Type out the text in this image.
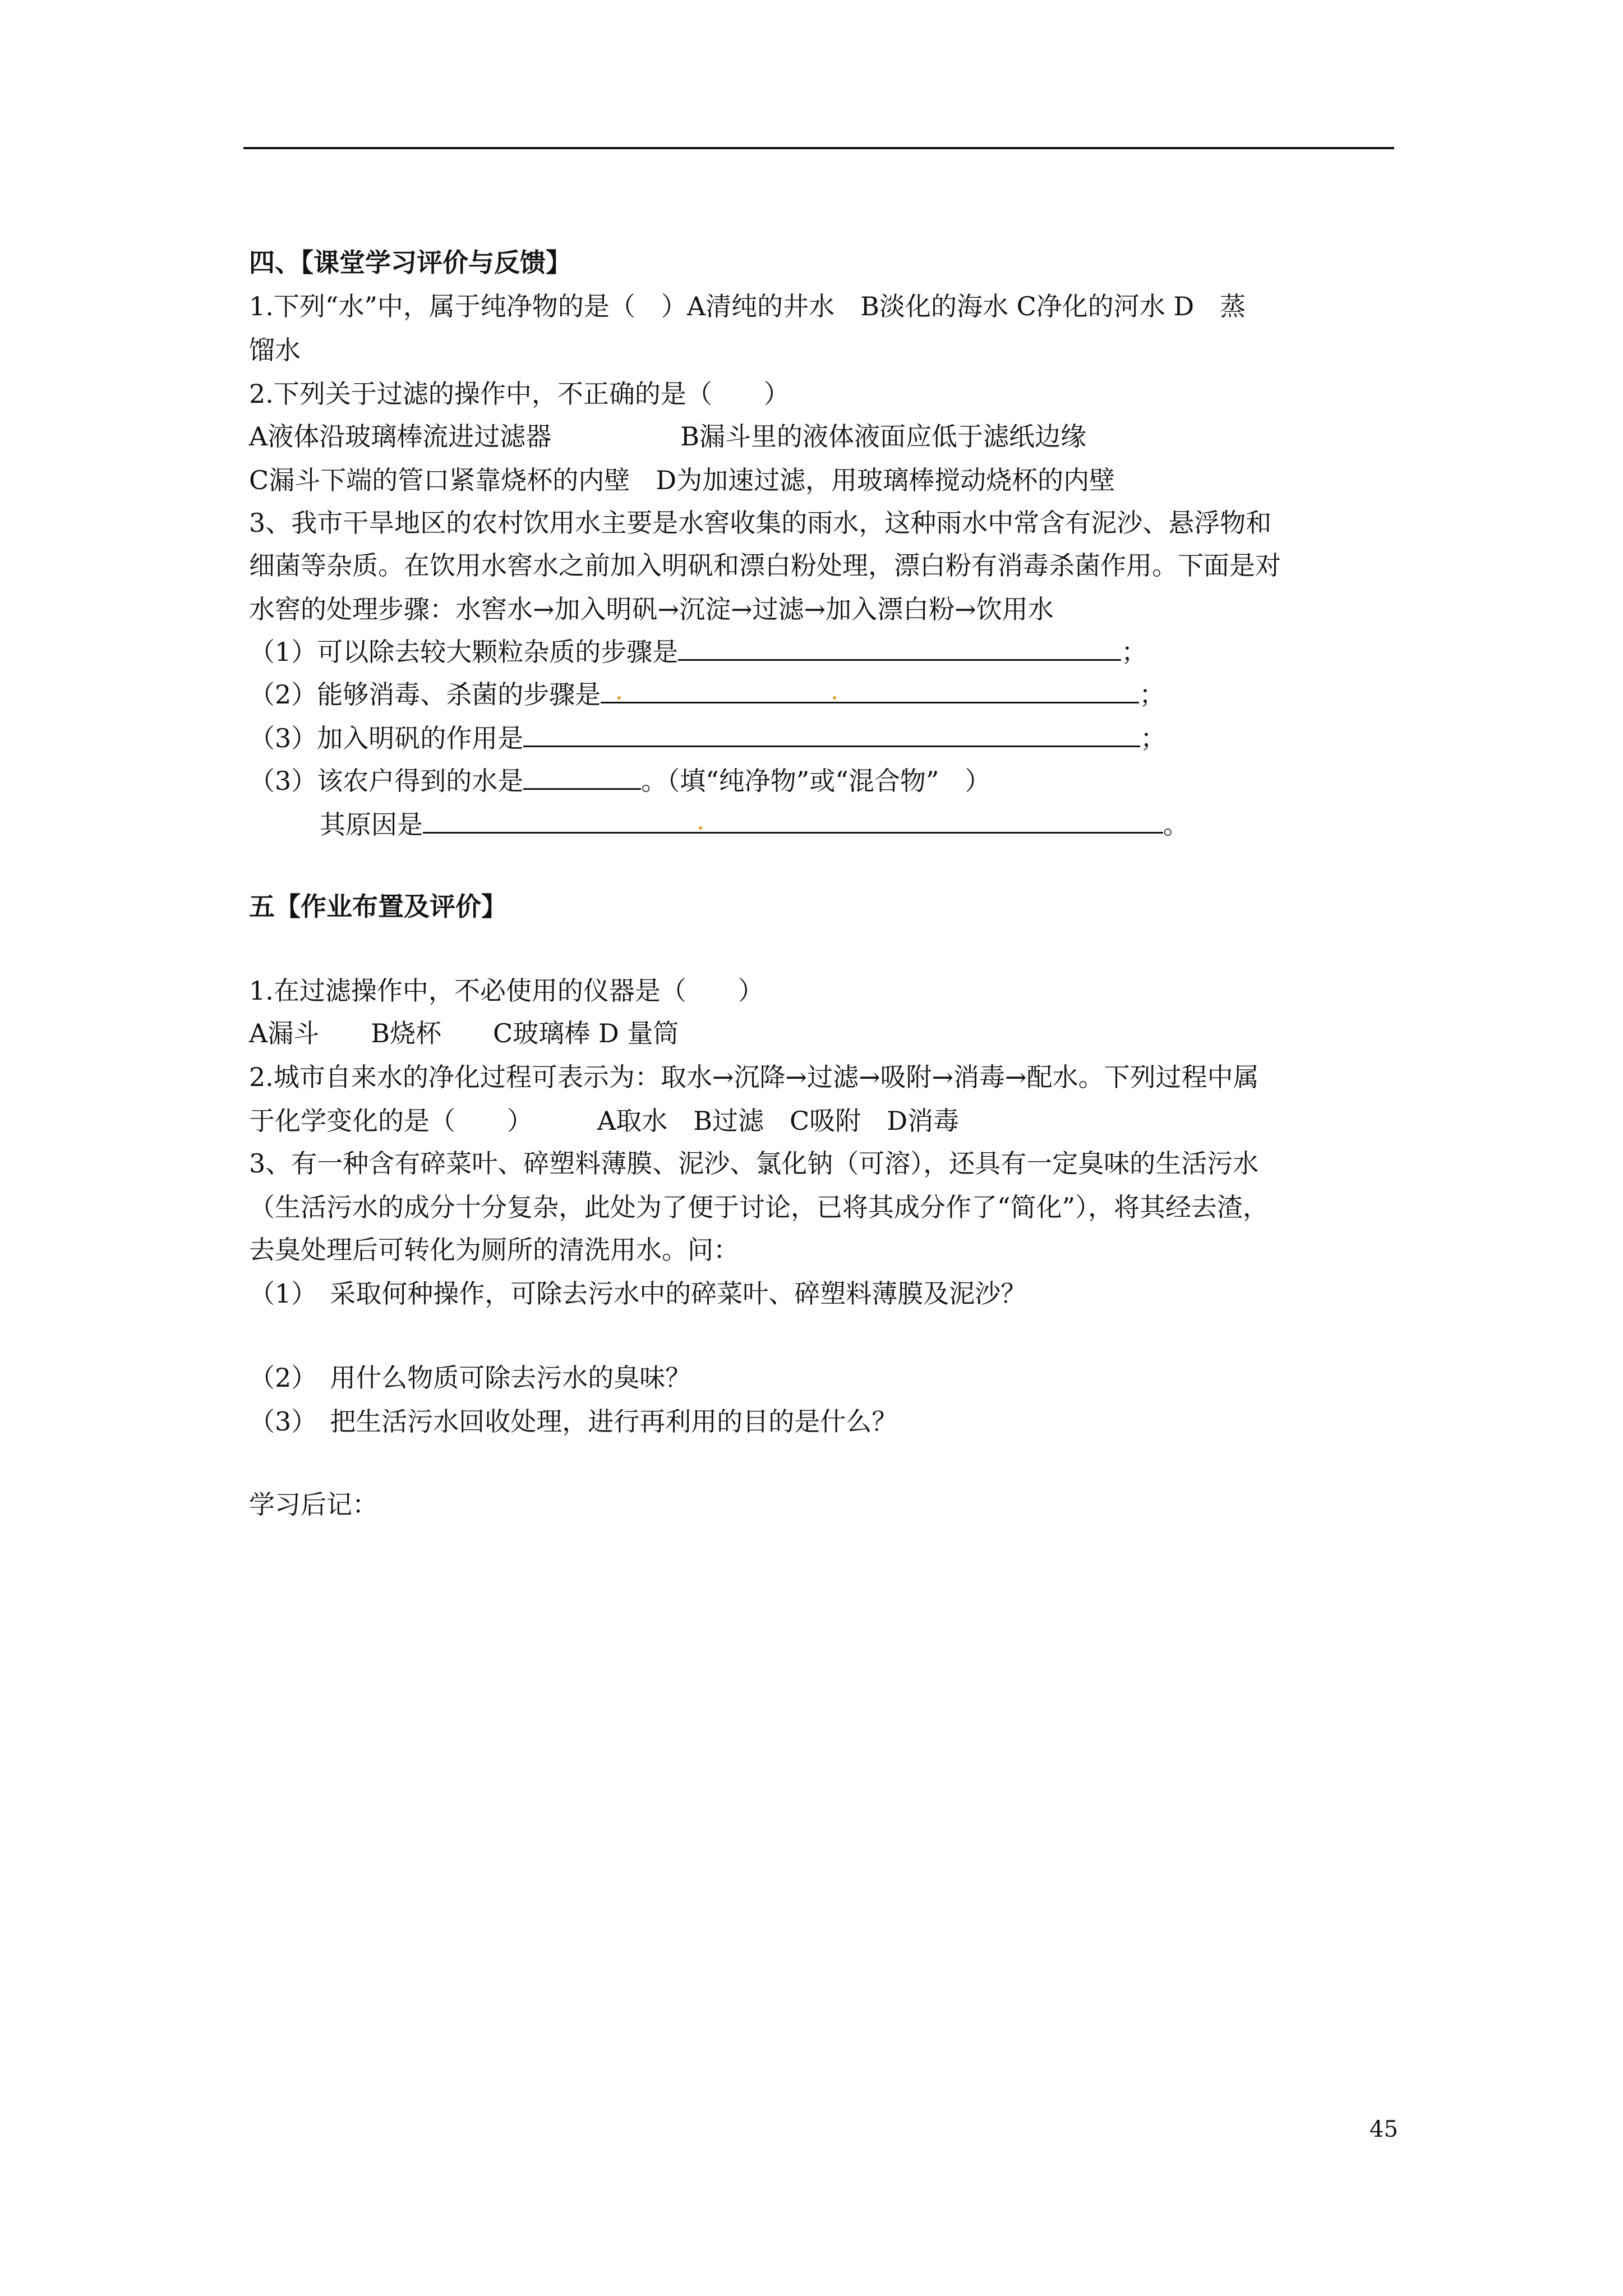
四、【课堂学习评价与反馈】
1.下列“水”中，属于纯净物的是（　）A清纯的井水　B淡化的海水 C净化的河水 D　蒸
馏水
2.下列关于过滤的操作中，不正确的是（　　）
A液体沿玻璃棒流进过滤器　　　　　B漏斗里的液体液面应低于滤纸边缘
C漏斗下端的管口紧靠烧杯的内壁　D为加速过滤，用玻璃棒搅动烧杯的内壁
3、我市干旱地区的农村饮用水主要是水窖收集的雨水，这种雨水中常含有泥沙、悬浮物和
细菌等杂质。在饮用水窖水之前加入明矾和漂白粉处理，漂白粉有消毒杀菌作用。下面是对
水窖的处理步骤：水窖水→加入明矾→沉淀→过滤→加入漂白粉→饮用水
（1）可以除去较大颗粒杂质的步骤是	；
（2）能够消毒、杀菌的步骤是	；
（3）加入明矾的作用是	；
（3）该农户得到的水是	。（填“纯净物”或“混合物”　）
其原因是	。
五【作业布置及评价】
1.在过滤操作中，不必使用的仪器是（　　）
A漏斗　　B烧杯　　C玻璃棒 D 量筒
2.城市自来水的净化过程可表示为：取水→沉降→过滤→吸附→消毒→配水。下列过程中属
于化学变化的是（　　）　　　A取水　B过滤　C吸附　D消毒
3、有一种含有碎菜叶、碎塑料薄膜、泥沙、氯化钠（可溶），还具有一定臭味的生活污水
（生活污水的成分十分复杂，此处为了便于讨论，已将其成分作了“简化”），将其经去渣，
去臭处理后可转化为厕所的清洗用水。问：
（1）　采取何种操作，可除去污水中的碎菜叶、碎塑料薄膜及泥沙？
（2）　用什么物质可除去污水的臭味？
（3）　把生活污水回收处理，进行再利用的目的是什么？
学习后记：
45
